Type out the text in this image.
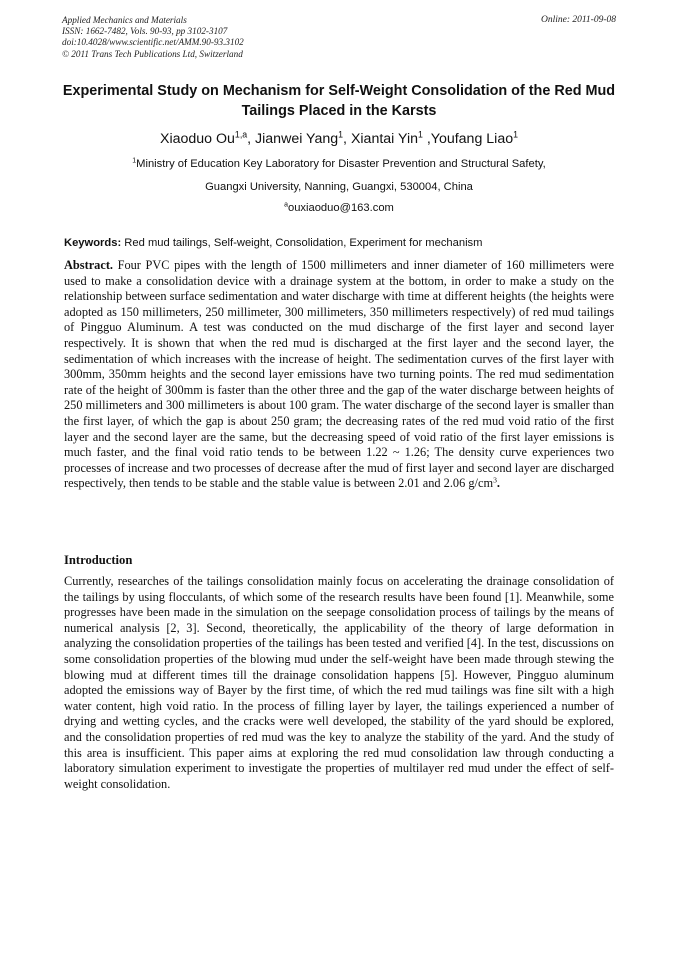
Applied Mechanics and Materials
ISSN: 1662-7482, Vols. 90-93, pp 3102-3107
doi:10.4028/www.scientific.net/AMM.90-93.3102
© 2011 Trans Tech Publications Ltd, Switzerland
Online: 2011-09-08
Experimental Study on Mechanism for Self-Weight Consolidation of the Red Mud Tailings Placed in the Karsts
Xiaoduo Ou$^{1,a}$, Jianwei Yang$^1$, Xiantai Yin$^1$ ,Youfang Liao$^1$
$^1$Ministry of Education Key Laboratory for Disaster Prevention and Structural Safety,
Guangxi University, Nanning, Guangxi, 530004, China
$^a$ouxiaoduo@163.com
Keywords: Red mud tailings, Self-weight, Consolidation, Experiment for mechanism
Abstract. Four PVC pipes with the length of 1500 millimeters and inner diameter of 160 millimeters were used to make a consolidation device with a drainage system at the bottom, in order to make a study on the relationship between surface sedimentation and water discharge with time at different heights (the heights were adopted as 150 millimeters, 250 millimeter, 300 millimeters, 350 millimeters respectively) of red mud tailings of Pingguo Aluminum. A test was conducted on the mud discharge of the first layer and second layer respectively. It is shown that when the red mud is discharged at the first layer and the second layer, the sedimentation of which increases with the increase of height. The sedimentation curves of the first layer with 300mm, 350mm heights and the second layer emissions have two turning points. The red mud sedimentation rate of the height of 300mm is faster than the other three and the gap of the water discharge between heights of 250 millimeters and 300 millimeters is about 100 gram. The water discharge of the second layer is smaller than the first layer, of which the gap is about 250 gram; the decreasing rates of the red mud void ratio of the first layer and the second layer are the same, but the decreasing speed of void ratio of the first layer emissions is much faster, and the final void ratio tends to be between 1.22 ~ 1.26; The density curve experiences two processes of increase and two processes of decrease after the mud of first layer and second layer are discharged respectively, then tends to be stable and the stable value is between 2.01 and 2.06 $g/cm^3$.
Introduction
Currently, researches of the tailings consolidation mainly focus on accelerating the drainage consolidation of the tailings by using flocculants, of which some of the research results have been found [1]. Meanwhile, some progresses have been made in the simulation on the seepage consolidation process of tailings by the means of numerical analysis [2, 3]. Second, theoretically, the applicability of the theory of large deformation in analyzing the consolidation properties of the tailings has been tested and verified [4]. In the test, discussions on some consolidation properties of the blowing mud under the self-weight have been made through stewing the blowing mud at different times till the drainage consolidation happens [5]. However, Pingguo aluminum adopted the emissions way of Bayer by the first time, of which the red mud tailings was fine silt with a high water content, high void ratio. In the process of filling layer by layer, the tailings experienced a number of drying and wetting cycles, and the cracks were well developed, the stability of the yard should be explored, and the consolidation properties of red mud was the key to analyze the stability of the yard. And the study of this area is insufficient. This paper aims at exploring the red mud consolidation law through conducting a laboratory simulation experiment to investigate the properties of multilayer red mud under the effect of self-weight consolidation.
